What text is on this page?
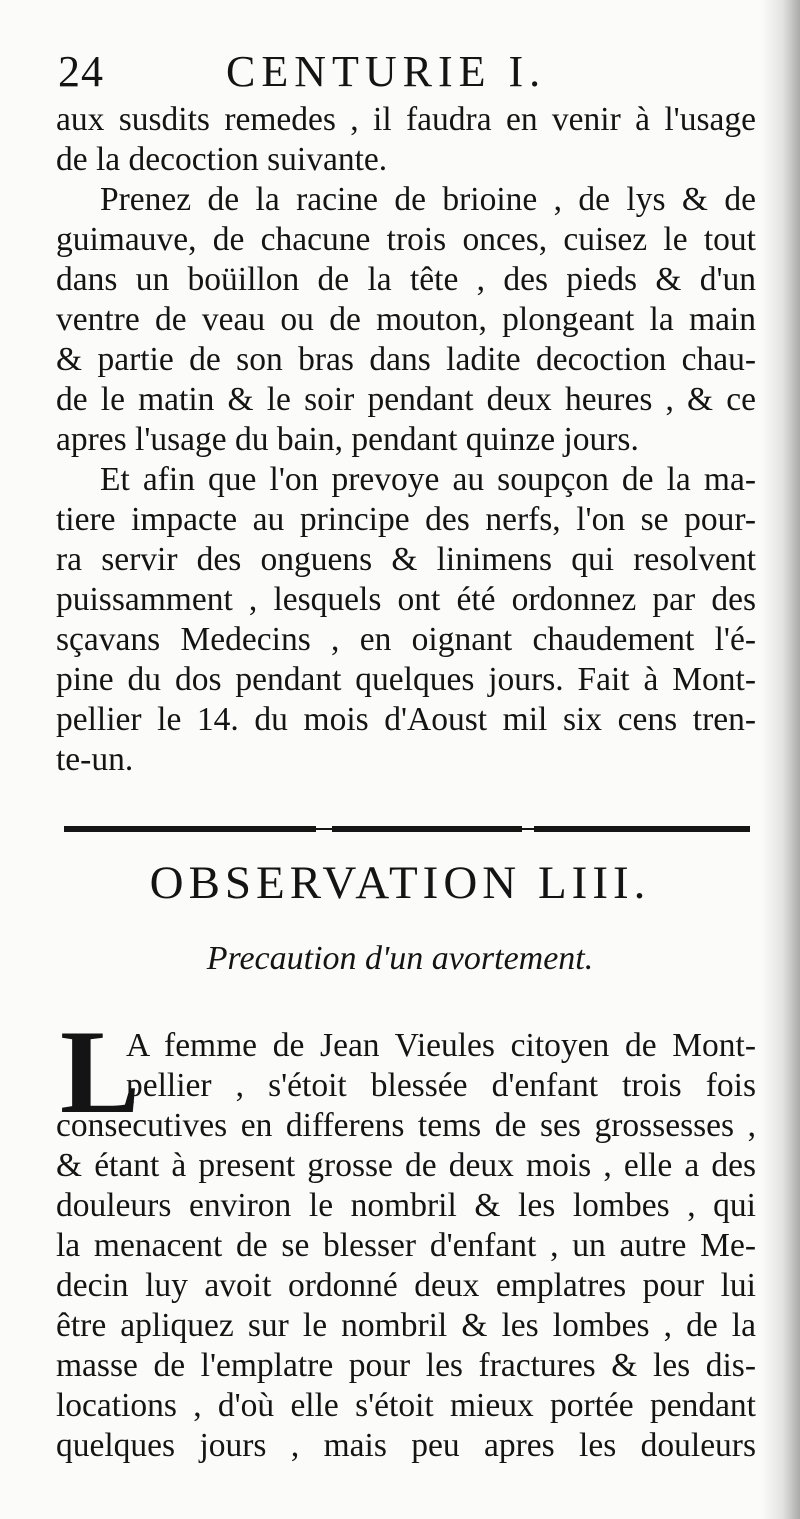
24	CENTURIE I.
aux susdits remedes , il faudra en venir à l'usage
de la decoction suivante.
Prenez de la racine de brioine , de lys & de
guimauve, de chacune trois onces, cuisez le tout
dans un boüillon de la tête , des pieds & d'un
ventre de veau ou de mouton, plongeant la main
& partie de son bras dans ladite decoction chau-
de le matin & le soir pendant deux heures , & ce
apres l'usage du bain, pendant quinze jours.
Et afin que l'on prevoye au soupçon de la ma-
tiere impacte au principe des nerfs, l'on se pour-
ra servir des onguens & linimens qui resolvent
puissamment , lesquels ont été ordonnez par des
sçavans Medecins , en oignant chaudement l'é-
pine du dos pendant quelques jours. Fait à Mont-
pellier le 14. du mois d'Aoust mil six cens tren-
te-un.
OBSERVATION LIII.
Precaution d'un avortement.
L
A femme de Jean Vieules citoyen de Mont-
pellier , s'étoit blessée d'enfant trois fois
consecutives en differens tems de ses grossesses ,
& étant à present grosse de deux mois , elle a des
douleurs environ le nombril & les lombes , qui
la menacent de se blesser d'enfant , un autre Me-
decin luy avoit ordonné deux emplatres pour lui
être apliquez sur le nombril & les lombes , de la
masse de l'emplatre pour les fractures & les dis-
locations , d'où elle s'étoit mieux portée pendant
quelques jours , mais peu apres les douleurs
